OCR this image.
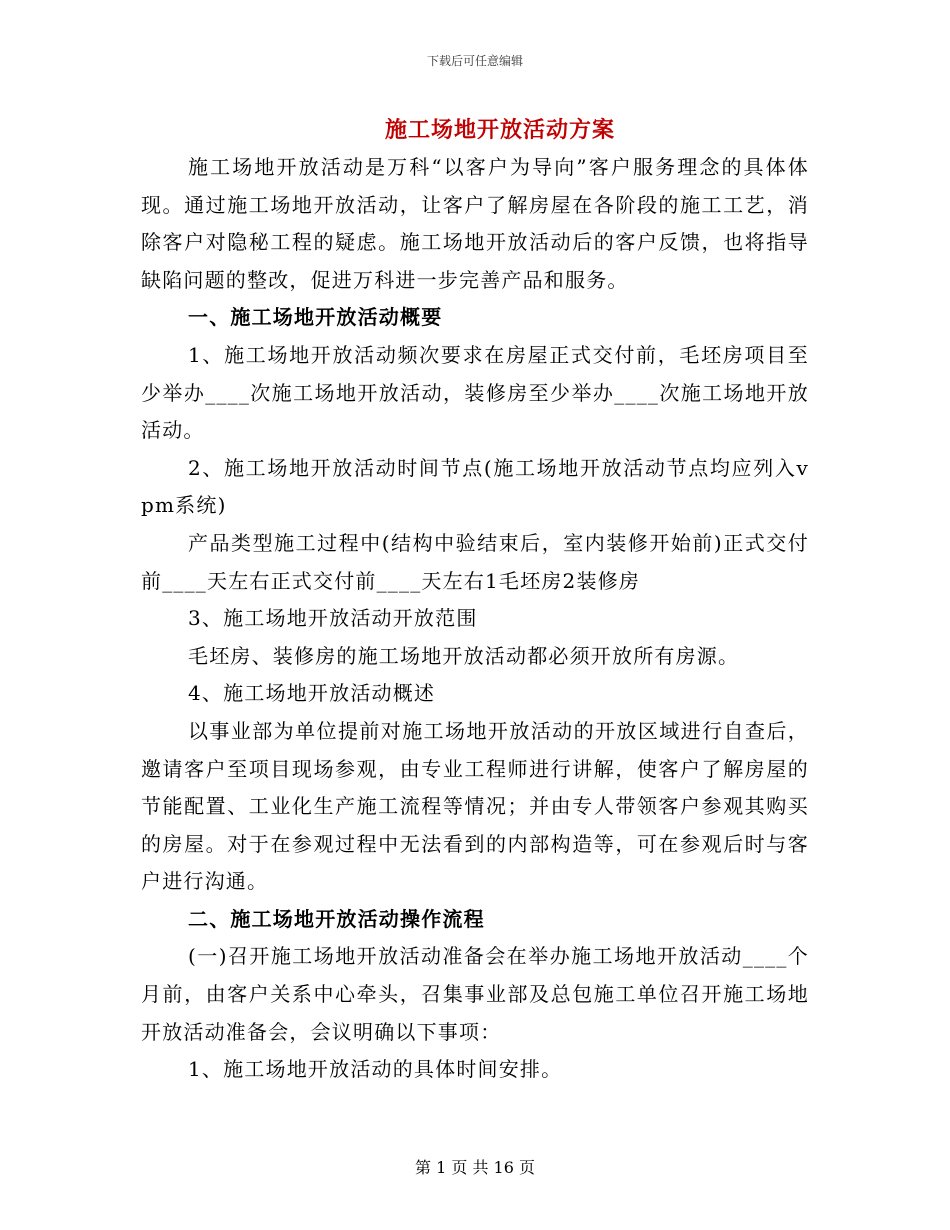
下载后可任意编辑
施工场地开放活动方案

施工场地开放活动是万科“以客户为导向”客户服务理念的具体体现。通过施工场地开放活动，让客户了解房屋在各阶段的施工工艺，消除客户对隐秘工程的疑虑。施工场地开放活动后的客户反馈，也将指导缺陷问题的整改，促进万科进一步完善产品和服务。

一、施工场地开放活动概要

1、施工场地开放活动频次要求在房屋正式交付前，毛坯房项目至少举办____次施工场地开放活动，装修房至少举办____次施工场地开放活动。

2、施工场地开放活动时间节点(施工场地开放活动节点均应列入vpm系统)

产品类型施工过程中(结构中验结束后，室内装修开始前)正式交付前____天左右正式交付前____天左右1毛坯房2装修房

3、施工场地开放活动开放范围

毛坯房、装修房的施工场地开放活动都必须开放所有房源。

4、施工场地开放活动概述

以事业部为单位提前对施工场地开放活动的开放区域进行自查后，邀请客户至项目现场参观，由专业工程师进行讲解，使客户了解房屋的节能配置、工业化生产施工流程等情况；并由专人带领客户参观其购买的房屋。对于在参观过程中无法看到的内部构造等，可在参观后时与客户进行沟通。

二、施工场地开放活动操作流程

(一)召开施工场地开放活动准备会在举办施工场地开放活动____个月前，由客户关系中心牵头，召集事业部及总包施工单位召开施工场地开放活动准备会，会议明确以下事项：

1、施工场地开放活动的具体时间安排。

第 1 页 共 16 页
